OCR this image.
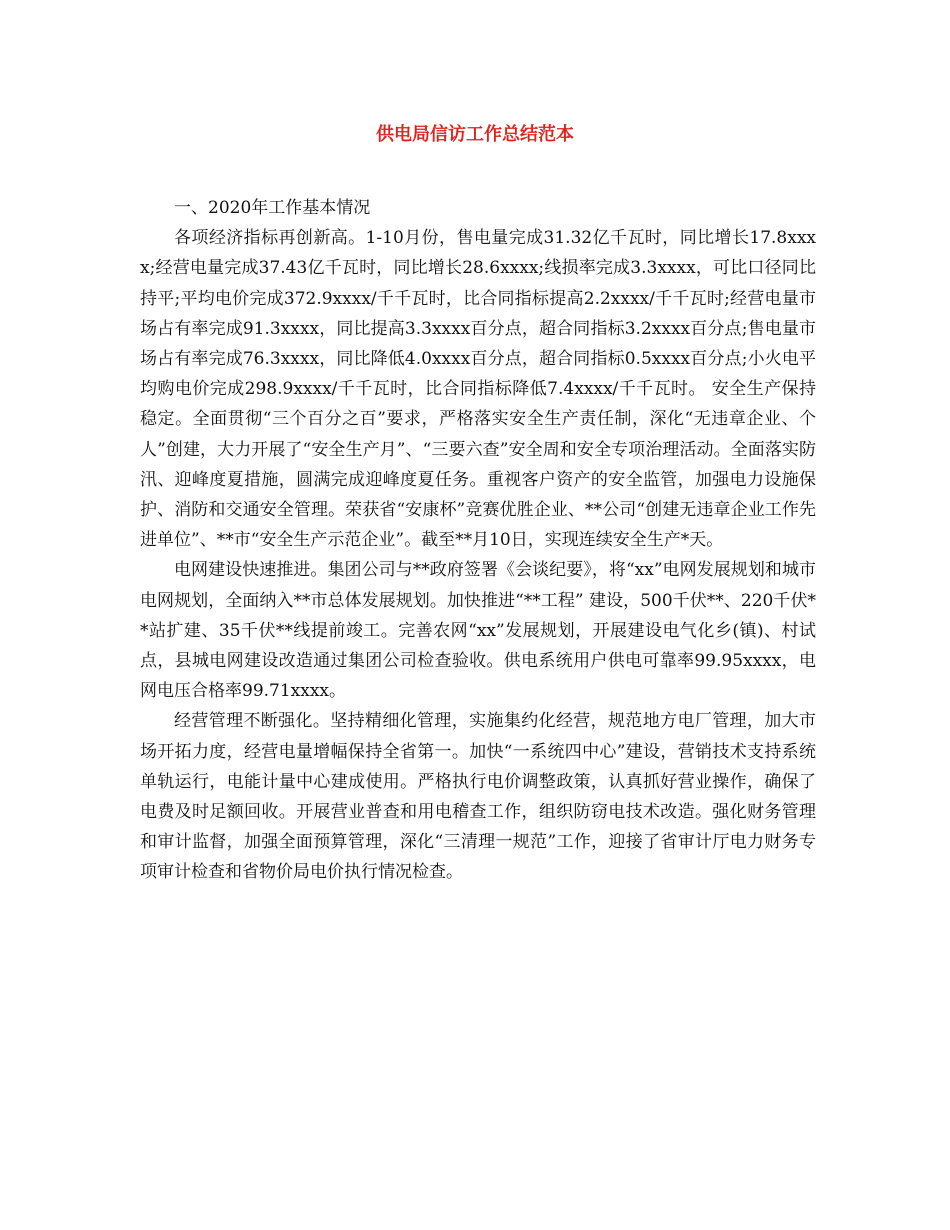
供电局信访工作总结范本

一、2020年工作基本情况

各项经济指标再创新高。1-10月份，售电量完成31.32亿千瓦时，同比增长17.8xxxx;经营电量完成37.43亿千瓦时，同比增长28.6xxxx;线损率完成3.3xxxx，可比口径同比持平;平均电价完成372.9xxxx/千千瓦时，比合同指标提高2.2xxxx/千千瓦时;经营电量市场占有率完成91.3xxxx，同比提高3.3xxxx百分点，超合同指标3.2xxxx百分点;售电量市场占有率完成76.3xxxx，同比降低4.0xxxx百分点，超合同指标0.5xxxx百分点;小火电平均购电价完成298.9xxxx/千千瓦时，比合同指标降低7.4xxxx/千千瓦时。 安全生产保持稳定。全面贯彻“三个百分之百”要求，严格落实安全生产责任制，深化“无违章企业、个人”创建，大力开展了“安全生产月”、“三要六查”安全周和安全专项治理活动。全面落实防汛、迎峰度夏措施，圆满完成迎峰度夏任务。重视客户资产的安全监管，加强电力设施保护、消防和交通安全管理。荣获省“安康杯”竞赛优胜企业、**公司“创建无违章企业工作先进单位”、**市“安全生产示范企业”。截至**月10日，实现连续安全生产*天。

电网建设快速推进。集团公司与**政府签署《会谈纪要》，将“xx”电网发展规划和城市电网规划，全面纳入**市总体发展规划。加快推进“**工程” 建设，500千伏**、220千伏**站扩建、35千伏**线提前竣工。完善农网“xx”发展规划，开展建设电气化乡(镇)、村试点，县城电网建设改造通过集团公司检查验收。供电系统用户供电可靠率99.95xxxx，电网电压合格率99.71xxxx。

经营管理不断强化。坚持精细化管理，实施集约化经营，规范地方电厂管理，加大市场开拓力度，经营电量增幅保持全省第一。加快“一系统四中心”建设，营销技术支持系统单轨运行，电能计量中心建成使用。严格执行电价调整政策，认真抓好营业操作，确保了电费及时足额回收。开展营业普查和用电稽查工作，组织防窃电技术改造。强化财务管理和审计监督，加强全面预算管理，深化“三清理一规范”工作，迎接了省审计厅电力财务专项审计检查和省物价局电价执行情况检查。
